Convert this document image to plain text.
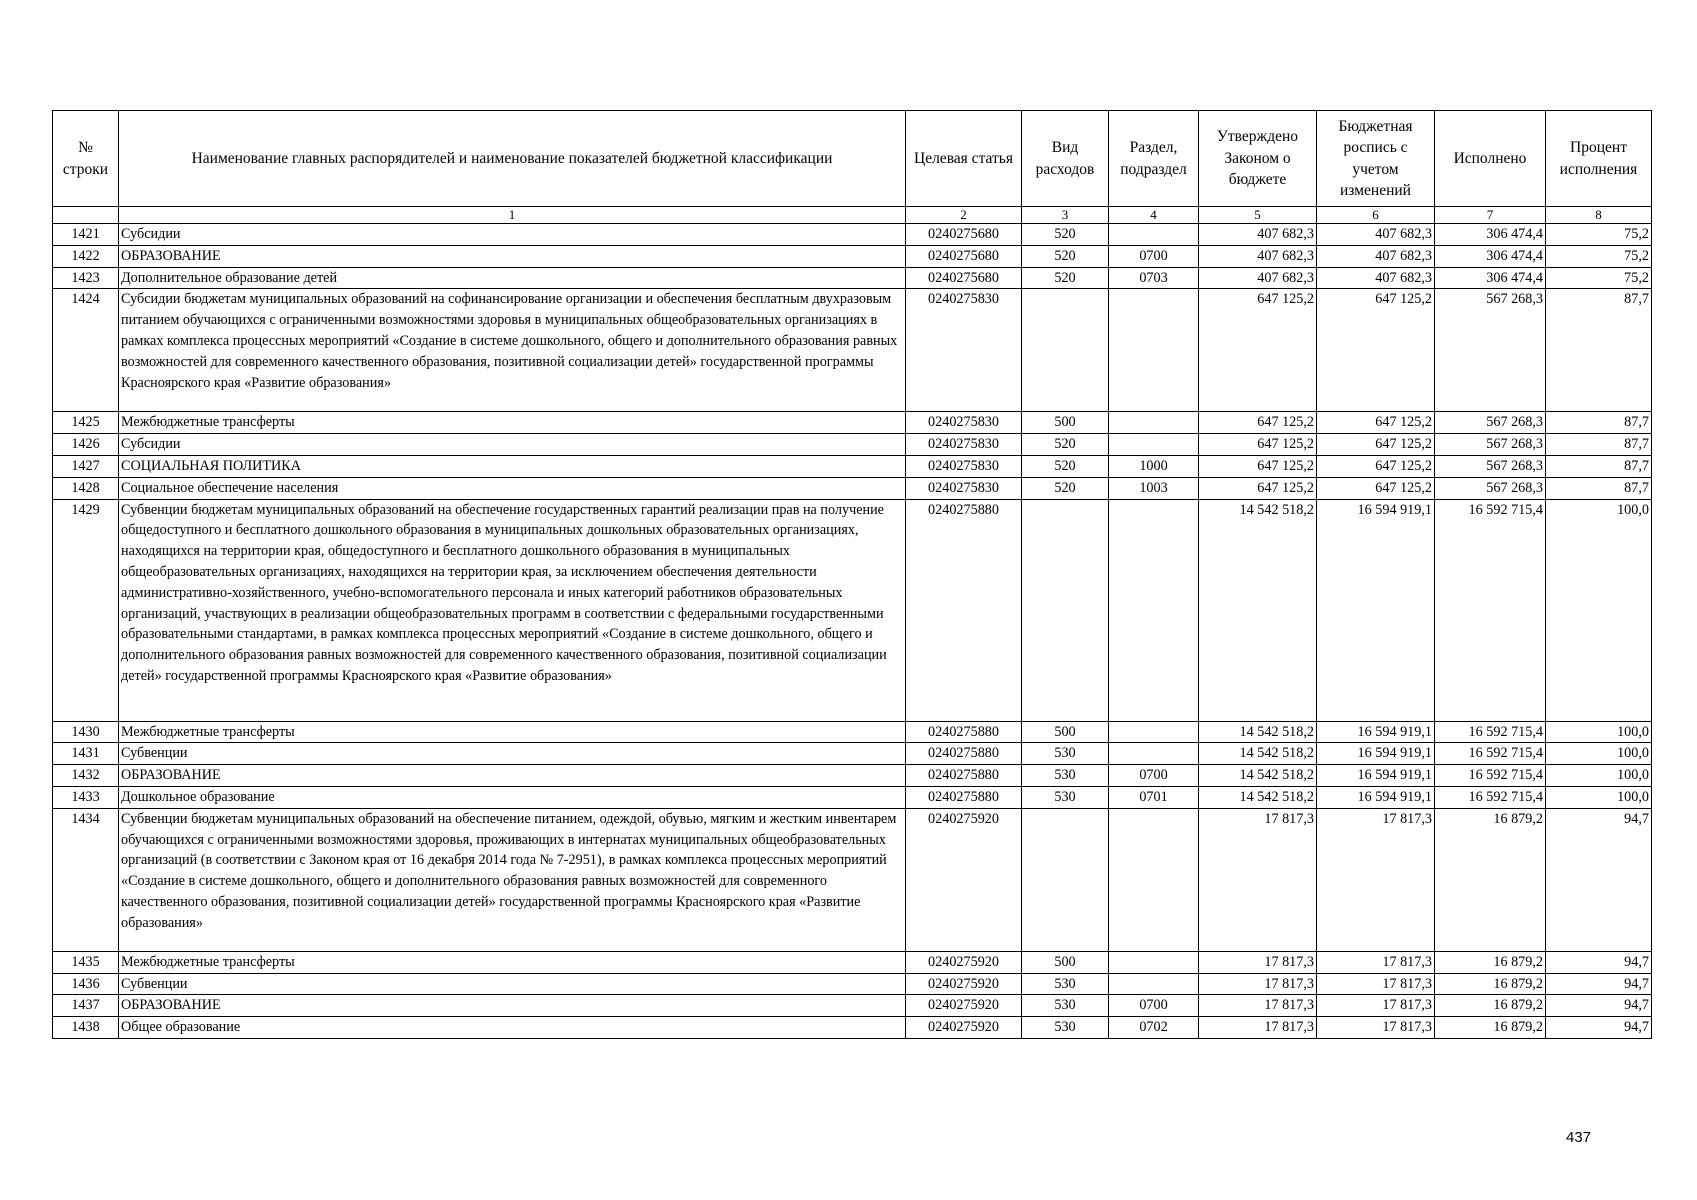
№ строки	Наименование главных распорядителей и наименование показателей бюджетной классификации	Целевая статья	Вид расходов	Раздел, подраздел	Утверждено Законом о бюджете	Бюджетная роспись с учетом изменений	Исполнено	Процент исполнения
	1	2	3	4	5	6	7	8
1421	Субсидии	0240275680	520		407 682,3	407 682,3	306 474,4	75,2
1422	ОБРАЗОВАНИЕ	0240275680	520	0700	407 682,3	407 682,3	306 474,4	75,2
1423	Дополнительное образование детей	0240275680	520	0703	407 682,3	407 682,3	306 474,4	75,2
1424	Субсидии бюджетам муниципальных образований на софинансирование организации и обеспечения бесплатным двухразовым питанием обучающихся с ограниченными возможностями здоровья в муниципальных общеобразовательных организациях в рамках комплекса процессных мероприятий «Создание в системе дошкольного, общего и дополнительного образования равных возможностей для современного качественного образования, позитивной социализации детей» государственной программы Красноярского края «Развитие образования»	0240275830			647 125,2	647 125,2	567 268,3	87,7
1425	Межбюджетные трансферты	0240275830	500		647 125,2	647 125,2	567 268,3	87,7
1426	Субсидии	0240275830	520		647 125,2	647 125,2	567 268,3	87,7
1427	СОЦИАЛЬНАЯ ПОЛИТИКА	0240275830	520	1000	647 125,2	647 125,2	567 268,3	87,7
1428	Социальное обеспечение населения	0240275830	520	1003	647 125,2	647 125,2	567 268,3	87,7
1429	Субвенции бюджетам муниципальных образований на обеспечение государственных гарантий реализации прав на получение общедоступного и бесплатного дошкольного образования в муниципальных дошкольных образовательных организациях, находящихся на территории края, общедоступного и бесплатного дошкольного образования в муниципальных общеобразовательных организациях, находящихся на территории края, за исключением обеспечения деятельности административно-хозяйственного, учебно-вспомогательного персонала и иных категорий работников образовательных организаций, участвующих в реализации общеобразовательных программ в соответствии с федеральными государственными образовательными стандартами, в рамках комплекса процессных мероприятий «Создание в системе дошкольного, общего и дополнительного образования равных возможностей для современного качественного образования, позитивной социализации детей» государственной программы Красноярского края «Развитие образования»	0240275880			14 542 518,2	16 594 919,1	16 592 715,4	100,0
1430	Межбюджетные трансферты	0240275880	500		14 542 518,2	16 594 919,1	16 592 715,4	100,0
1431	Субвенции	0240275880	530		14 542 518,2	16 594 919,1	16 592 715,4	100,0
1432	ОБРАЗОВАНИЕ	0240275880	530	0700	14 542 518,2	16 594 919,1	16 592 715,4	100,0
1433	Дошкольное образование	0240275880	530	0701	14 542 518,2	16 594 919,1	16 592 715,4	100,0
1434	Субвенции бюджетам муниципальных образований на обеспечение питанием, одеждой, обувью, мягким и жестким инвентарем обучающихся с ограниченными возможностями здоровья, проживающих в интернатах муниципальных общеобразовательных организаций (в соответствии с Законом края от 16 декабря 2014 года № 7-2951), в рамках комплекса процессных мероприятий «Создание в системе дошкольного, общего и дополнительного образования равных возможностей для современного качественного образования, позитивной социализации детей» государственной программы Красноярского края «Развитие образования»	0240275920			17 817,3	17 817,3	16 879,2	94,7
1435	Межбюджетные трансферты	0240275920	500		17 817,3	17 817,3	16 879,2	94,7
1436	Субвенции	0240275920	530		17 817,3	17 817,3	16 879,2	94,7
1437	ОБРАЗОВАНИЕ	0240275920	530	0700	17 817,3	17 817,3	16 879,2	94,7
1438	Общее образование	0240275920	530	0702	17 817,3	17 817,3	16 879,2	94,7
437
